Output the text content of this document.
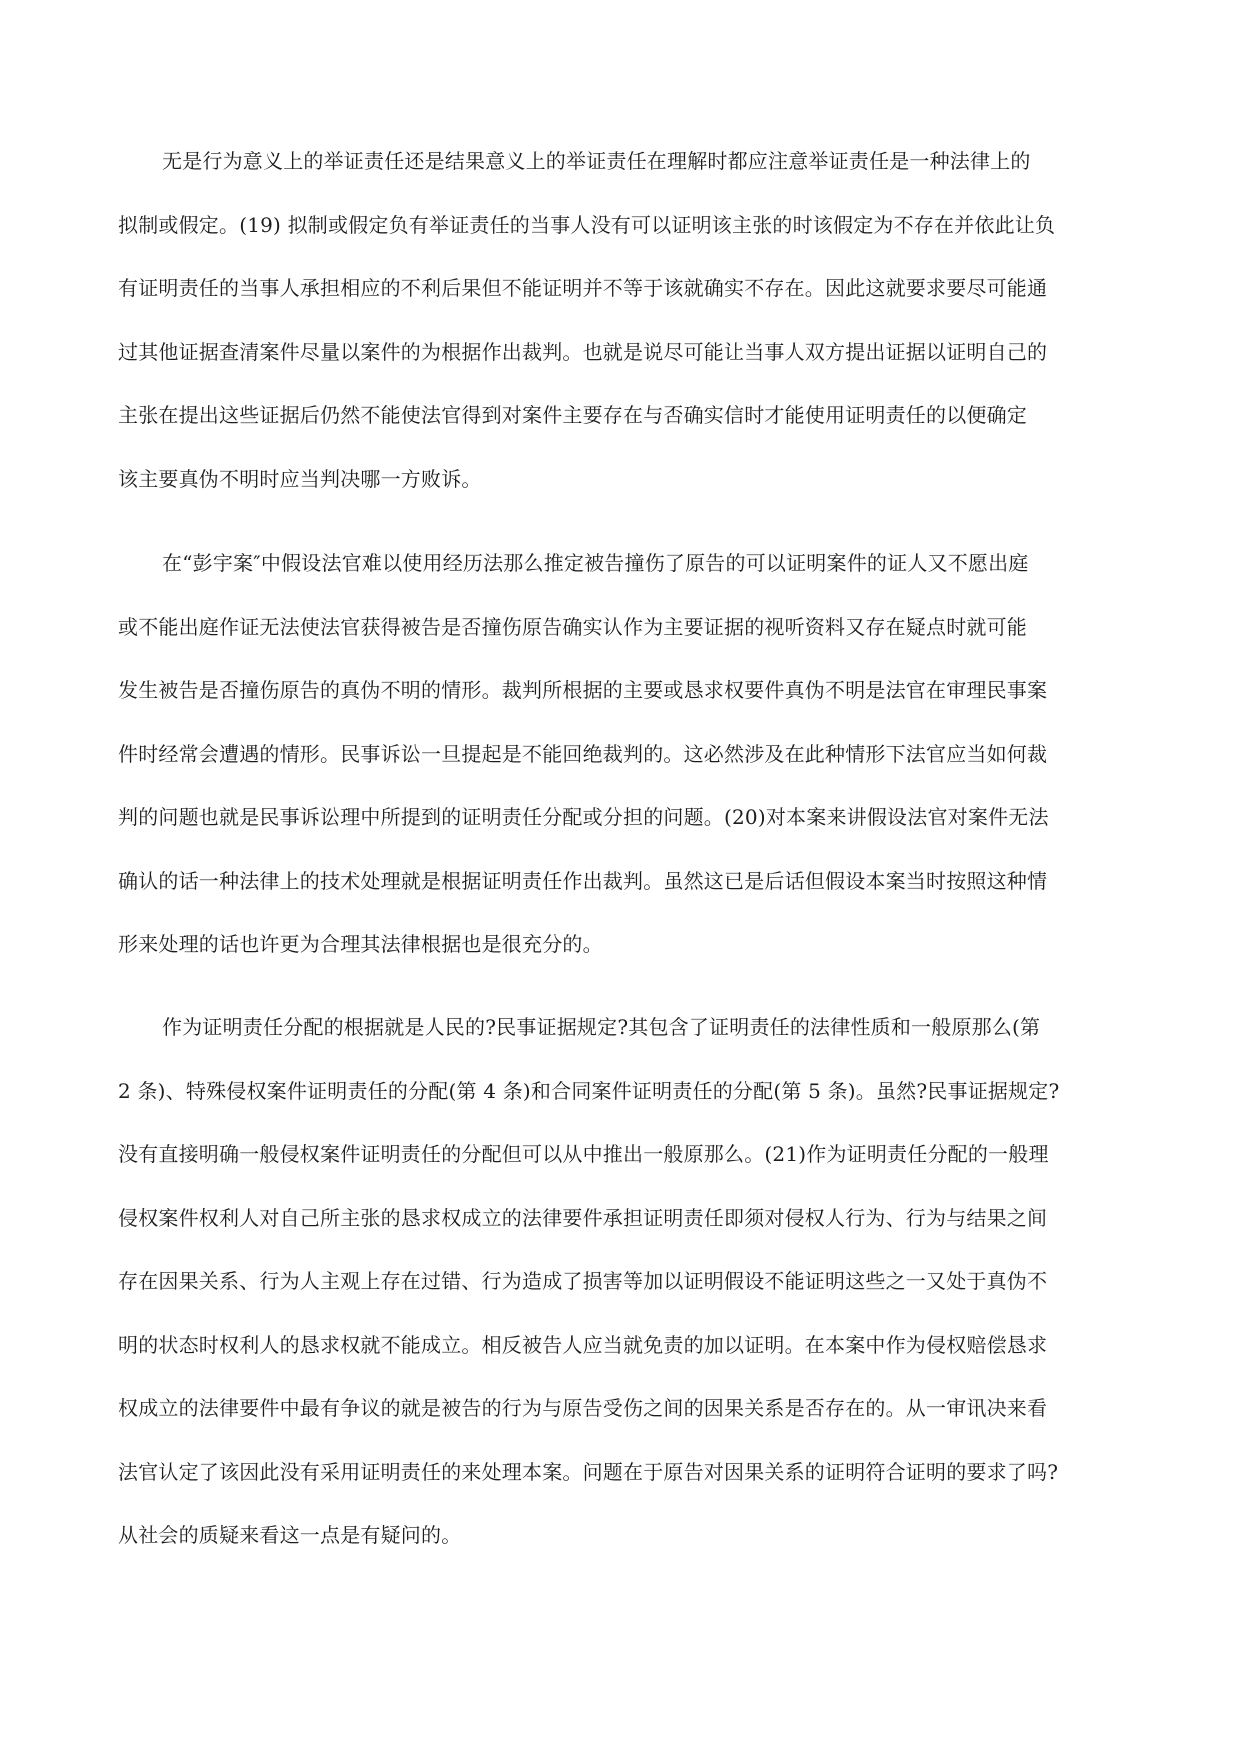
无是行为意义上的举证责任还是结果意义上的举证责任在理解时都应注意举证责任是一种法律上的
拟制或假定。(19) 拟制或假定负有举证责任的当事人没有可以证明该主张的时该假定为不存在并依此让负
有证明责任的当事人承担相应的不利后果但不能证明并不等于该就确实不存在。因此这就要求要尽可能通
过其他证据查清案件尽量以案件的为根据作出裁判。也就是说尽可能让当事人双方提出证据以证明自己的
主张在提出这些证据后仍然不能使法官得到对案件主要存在与否确实信时才能使用证明责任的以便确定
该主要真伪不明时应当判决哪一方败诉。
在“彭宇案″中假设法官难以使用经历法那么推定被告撞伤了原告的可以证明案件的证人又不愿出庭
或不能出庭作证无法使法官获得被告是否撞伤原告确实认作为主要证据的视听资料又存在疑点时就可能
发生被告是否撞伤原告的真伪不明的情形。裁判所根据的主要或恳求权要件真伪不明是法官在审理民事案
件时经常会遭遇的情形。民事诉讼一旦提起是不能回绝裁判的。这必然涉及在此种情形下法官应当如何裁
判的问题也就是民事诉讼理中所提到的证明责任分配或分担的问题。(20)对本案来讲假设法官对案件无法
确认的话一种法律上的技术处理就是根据证明责任作出裁判。虽然这已是后话但假设本案当时按照这种情
形来处理的话也许更为合理其法律根据也是很充分的。
作为证明责任分配的根据就是人民的?民事证据规定?其包含了证明责任的法律性质和一般原那么(第
2 条)、特殊侵权案件证明责任的分配(第 4 条)和合同案件证明责任的分配(第 5 条)。虽然?民事证据规定?
没有直接明确一般侵权案件证明责任的分配但可以从中推出一般原那么。(21)作为证明责任分配的一般理
侵权案件权利人对自己所主张的恳求权成立的法律要件承担证明责任即须对侵权人行为、行为与结果之间
存在因果关系、行为人主观上存在过错、行为造成了损害等加以证明假设不能证明这些之一又处于真伪不
明的状态时权利人的恳求权就不能成立。相反被告人应当就免责的加以证明。在本案中作为侵权赔偿恳求
权成立的法律要件中最有争议的就是被告的行为与原告受伤之间的因果关系是否存在的。从一审讯决来看
法官认定了该因此没有采用证明责任的来处理本案。问题在于原告对因果关系的证明符合证明的要求了吗?
从社会的质疑来看这一点是有疑问的。
